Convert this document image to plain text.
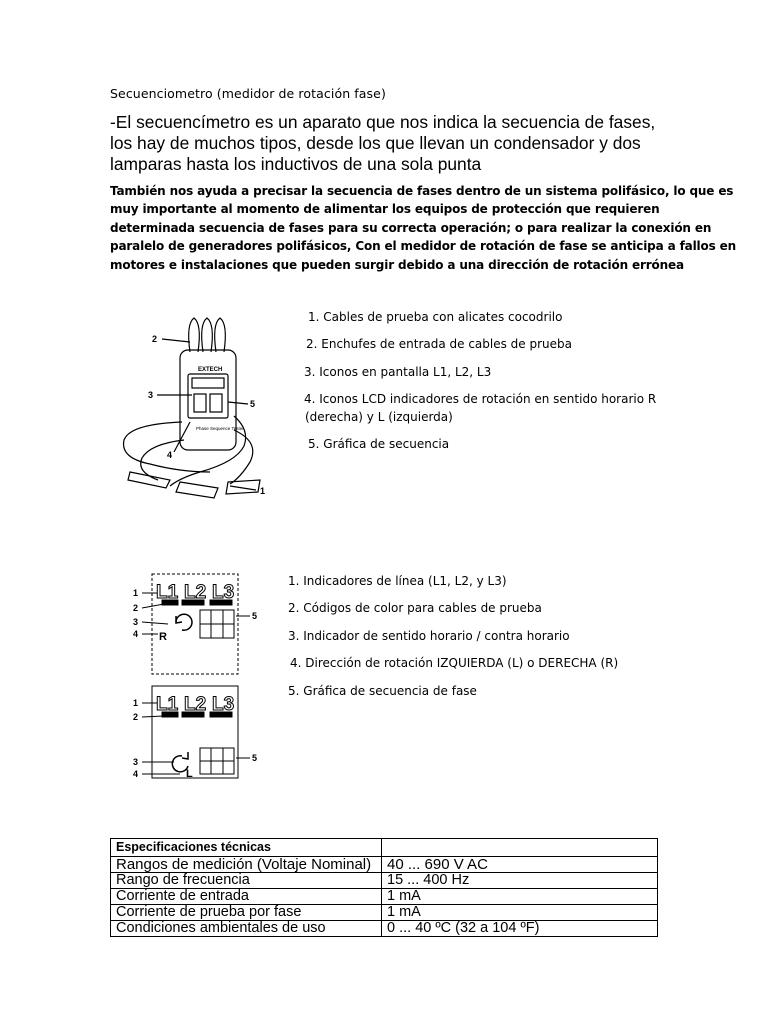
Secuenciometro (medidor de rotación fase)
-El secuencímetro es un aparato que nos indica la secuencia de fases,
los hay de muchos tipos, desde los que llevan un condensador y dos
lamparas hasta los inductivos de una sola punta
También nos ayuda a precisar la secuencia de fases dentro de un sistema polifásico, lo que es
muy importante al momento de alimentar los equipos de protección que requieren
determinada secuencia de fases para su correcta operación; o para realizar la conexión en
paralelo de generadores polifásicos, Con el medidor de rotación de fase se anticipa a fallos en
motores e instalaciones que pueden surgir debido a una dirección de rotación errónea
EXTECH
Phase Sequence Tester
1
2
3
4
5
1. Cables de prueba con alicates cocodrilo
2. Enchufes de entrada de cables de prueba
3. Iconos en pantalla L1, L2, L3
4. Iconos LCD indicadores de rotación en sentido horario R
(derecha) y L (izquierda)
5. Gráfica de secuencia
L1 L2 L3
L1 L2 L3
R
L
1
2
3
4
5
1
2
3
4
5
1. Indicadores de línea (L1, L2, y L3)
2. Códigos de color para cables de prueba
3. Indicador de sentido horario / contra horario
4. Dirección de rotación IZQUIERDA (L) o DERECHA (R)
5. Gráfica de secuencia de fase
Especificaciones técnicas	
Rangos de medición (Voltaje Nominal)	40 ... 690 V AC
Rango de frecuencia	15 ... 400 Hz
Corriente de entrada	1 mA
Corriente de prueba por fase	1 mA
Condiciones ambientales de uso	0 ... 40 ºC (32 a 104 ºF)
